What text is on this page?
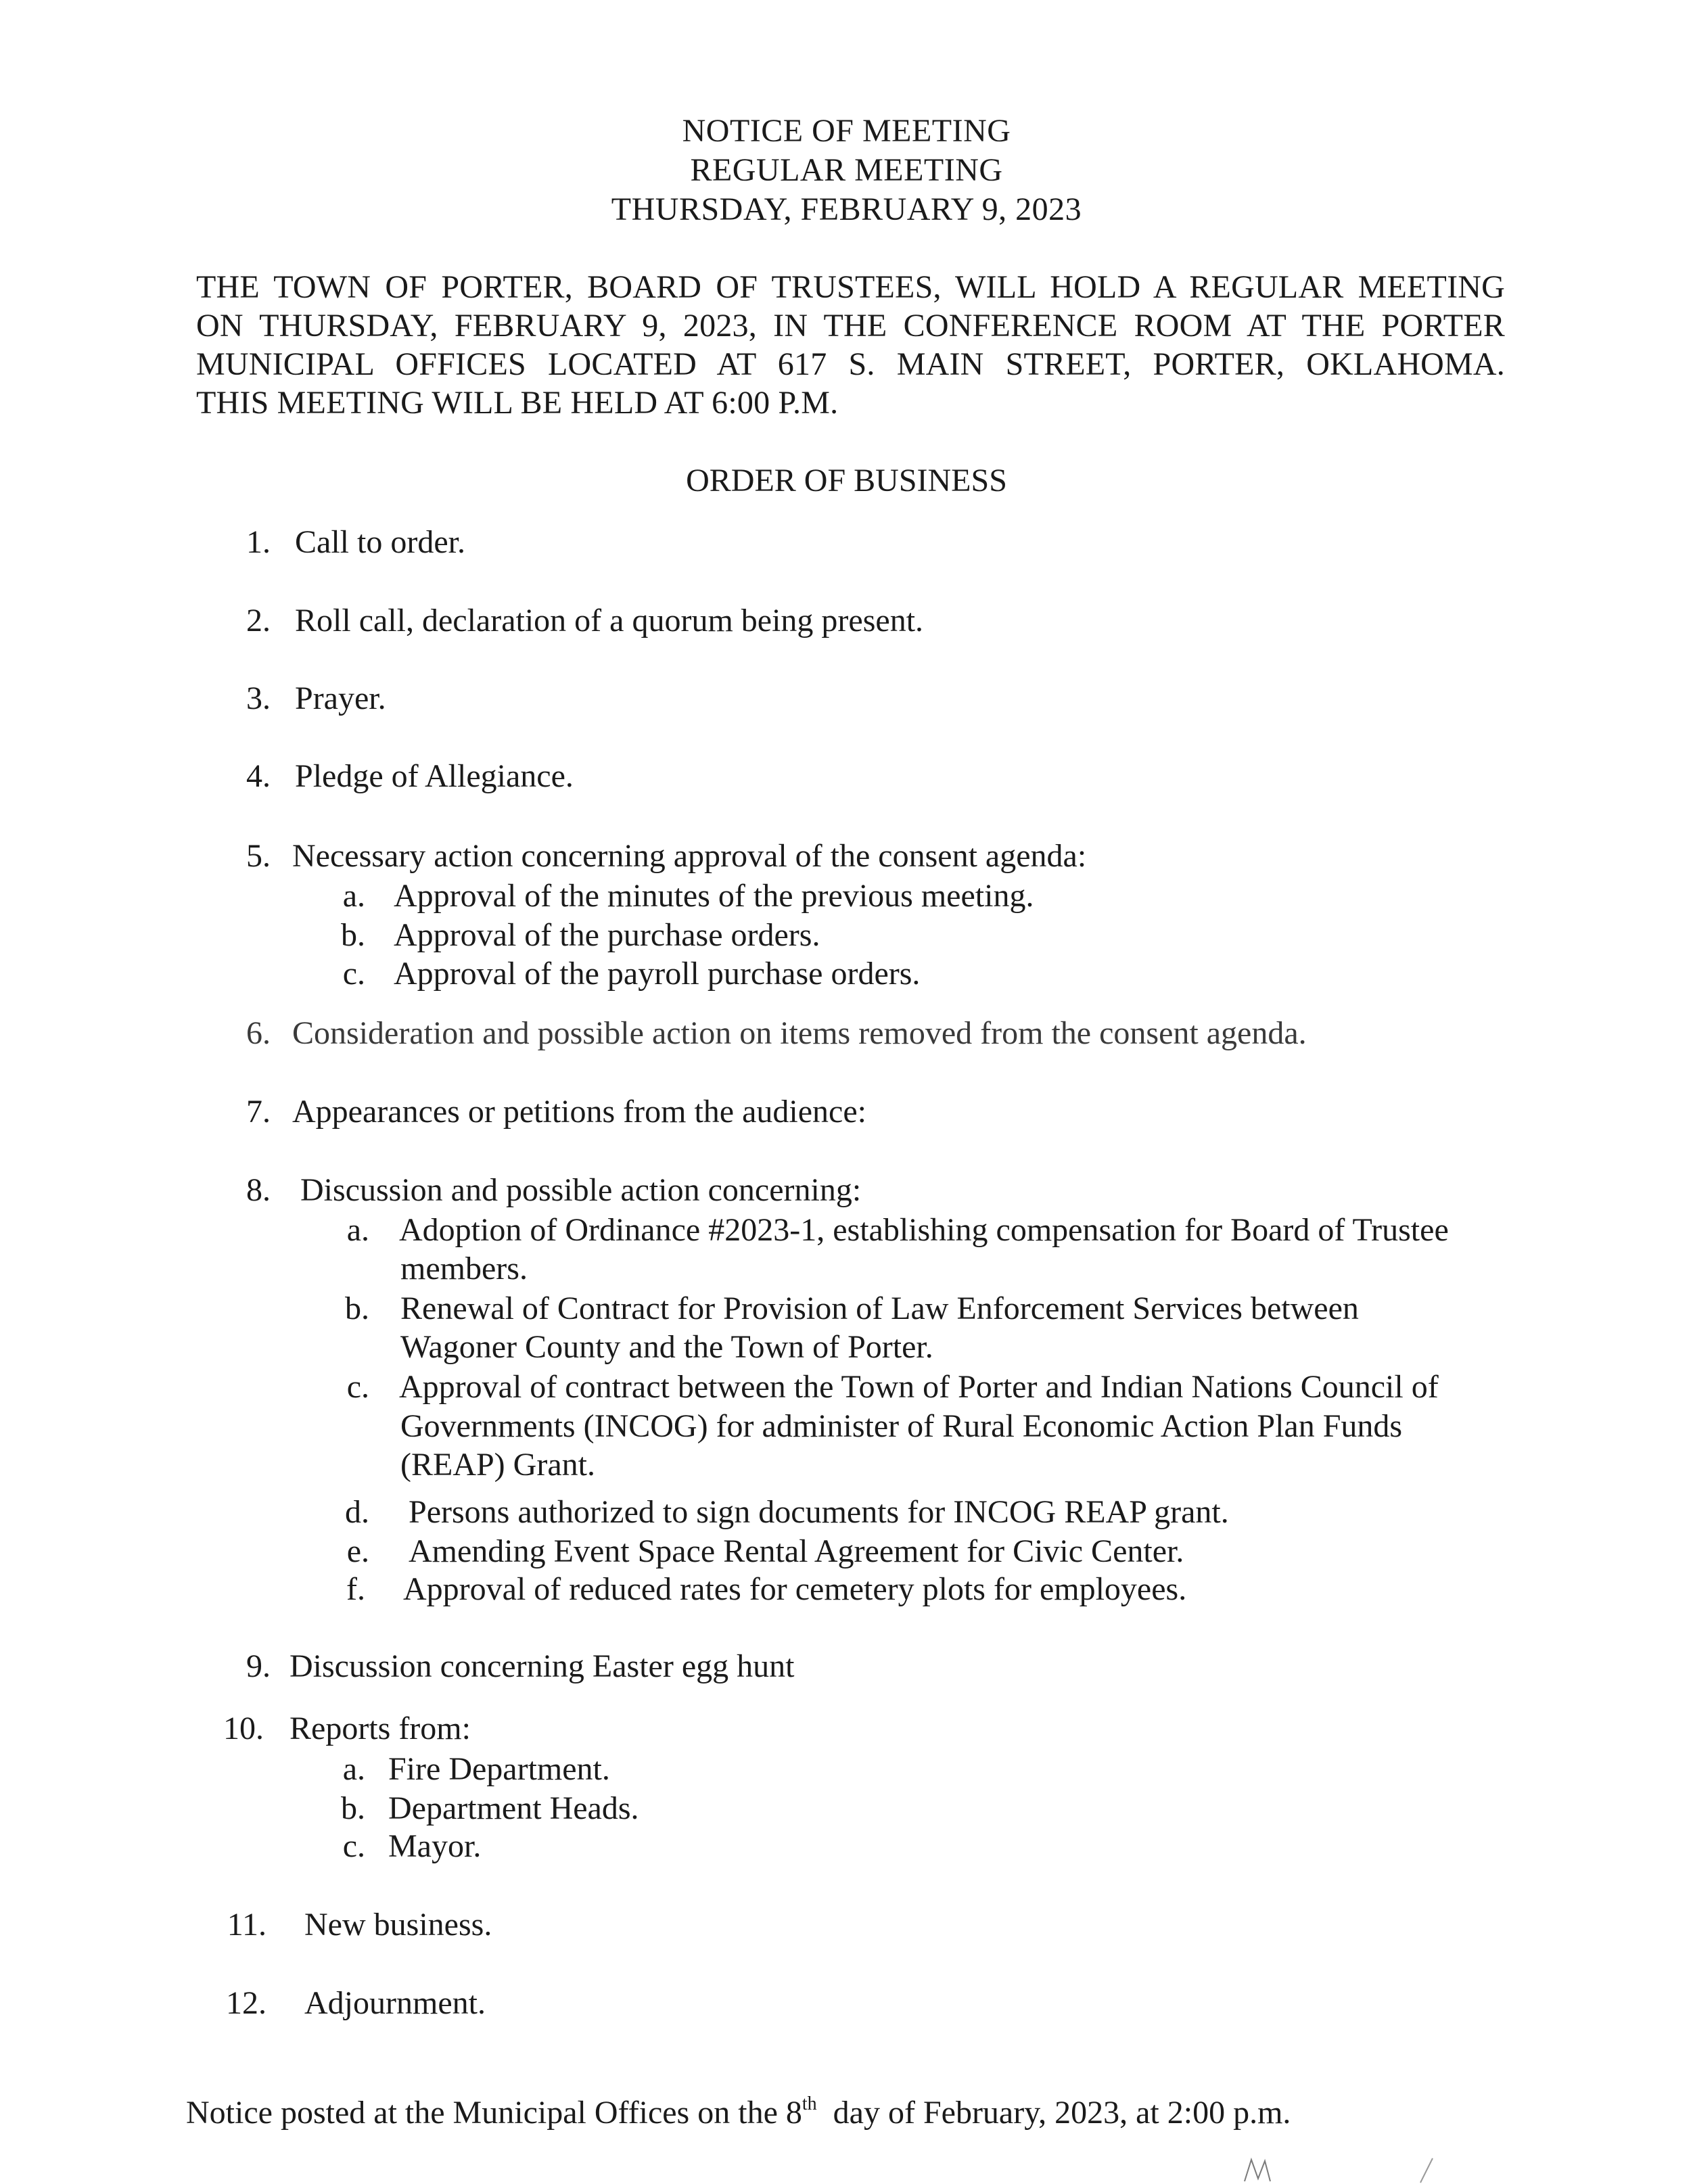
NOTICE OF MEETING
REGULAR MEETING
THURSDAY, FEBRUARY 9, 2023
THE TOWN OF PORTER, BOARD OF TRUSTEES, WILL HOLD A REGULAR MEETING
ON THURSDAY, FEBRUARY 9, 2023, IN THE CONFERENCE ROOM AT THE PORTER
MUNICIPAL OFFICES LOCATED AT 617 S. MAIN STREET, PORTER, OKLAHOMA.
THIS MEETING WILL BE HELD AT 6:00 P.M.
ORDER OF BUSINESS
1. Call to order.
2. Roll call, declaration of a quorum being present.
3. Prayer.
4. Pledge of Allegiance.
5. Necessary action concerning approval of the consent agenda:
a. Approval of the minutes of the previous meeting.
b. Approval of the purchase orders.
c. Approval of the payroll purchase orders.
6. Consideration and possible action on items removed from the consent agenda.
7. Appearances or petitions from the audience:
8. Discussion and possible action concerning:
a. Adoption of Ordinance #2023-1, establishing compensation for Board of Trustee
members.
b. Renewal of Contract for Provision of Law Enforcement Services between
Wagoner County and the Town of Porter.
c. Approval of contract between the Town of Porter and Indian Nations Council of
Governments (INCOG) for administer of Rural Economic Action Plan Funds
(REAP) Grant.
d. Persons authorized to sign documents for INCOG REAP grant.
e. Amending Event Space Rental Agreement for Civic Center.
f. Approval of reduced rates for cemetery plots for employees.
9. Discussion concerning Easter egg hunt
10. Reports from:
a. Fire Department.
b. Department Heads.
c. Mayor.
11. New business.
12. Adjournment.
Notice posted at the Municipal Offices on the 8th  day of February, 2023, at 2:00 p.m.
